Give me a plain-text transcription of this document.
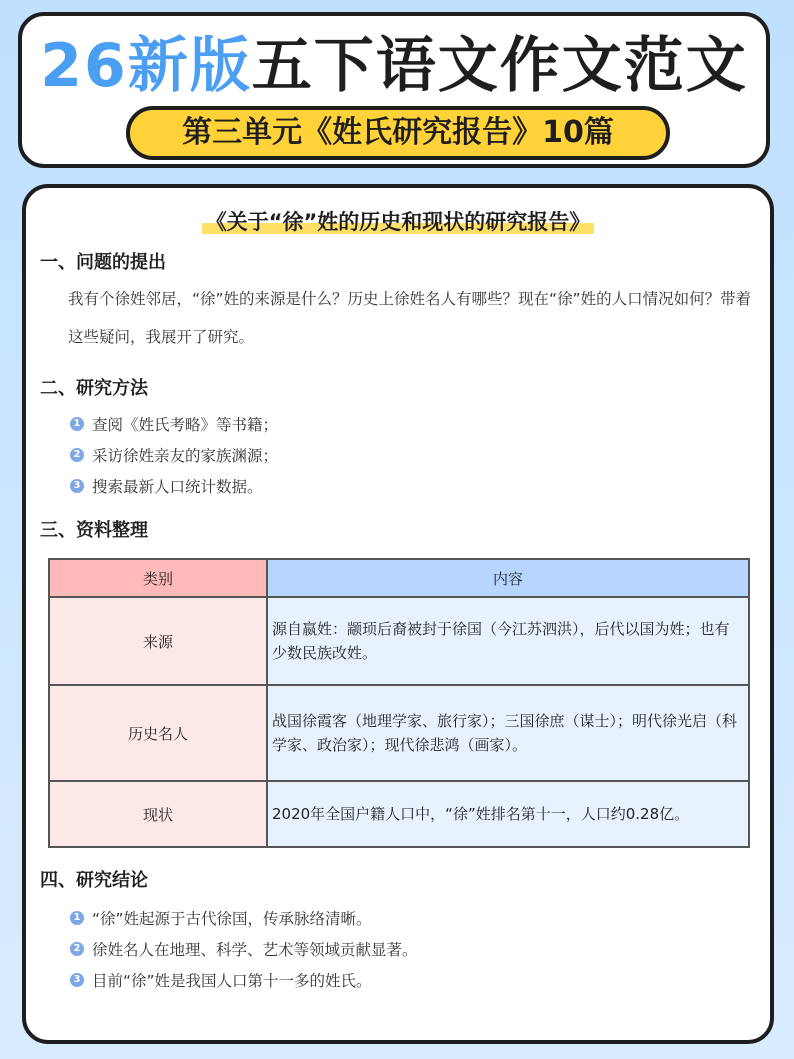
26新版五下语文作文范文
第三单元《姓氏研究报告》10篇
《关于“徐”姓的历史和现状的研究报告》
一、问题的提出
我有个徐姓邻居，“徐”姓的来源是什么？历史上徐姓名人有哪些？现在“徐”姓的人口情况如何？带着这些疑问，我展开了研究。
二、研究方法
1 查阅《姓氏考略》等书籍；
2 采访徐姓亲友的家族渊源；
3 搜索最新人口统计数据。
三、资料整理
类别	内容
来源	源自嬴姓：颛顼后裔被封于徐国（今江苏泗洪），后代以国为姓；也有少数民族改姓。
历史名人	战国徐霞客（地理学家、旅行家）；三国徐庶（谋士）；明代徐光启（科学家、政治家）；现代徐悲鸿（画家）。
现状	2020年全国户籍人口中，“徐”姓排名第十一，人口约0.28亿。
四、研究结论
1 “徐”姓起源于古代徐国，传承脉络清晰。
2 徐姓名人在地理、科学、艺术等领域贡献显著。
3 目前“徐”姓是我国人口第十一多的姓氏。
